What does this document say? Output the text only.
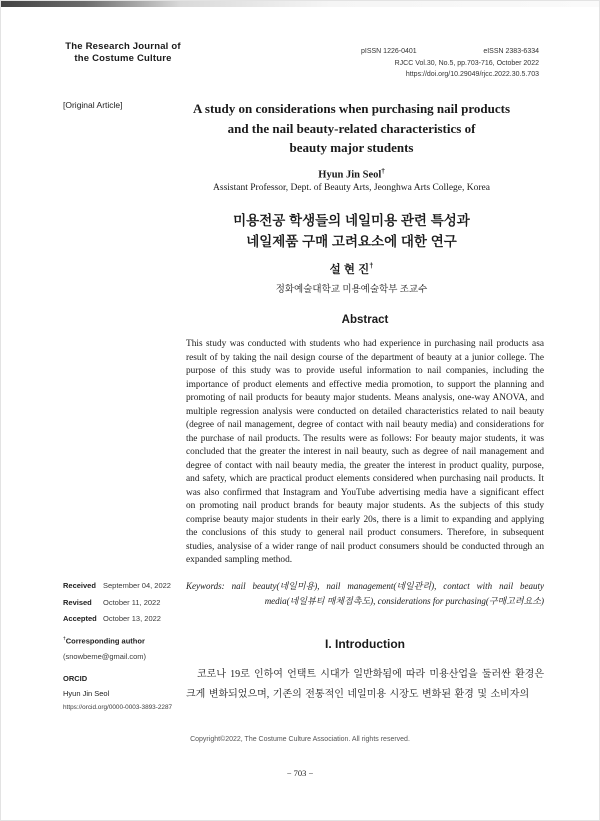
The Research Journal of
the Costume Culture
pISSN 1226-0401	eISSN 2383-6334
RJCC Vol.30, No.5, pp.703-716, October 2022
https://doi.org/10.29049/rjcc.2022.30.5.703
[Original Article]	A study on considerations when purchasing nail products
and the nail beauty-related characteristics of
beauty major students
Hyun Jin Seol†
Assistant Professor, Dept. of Beauty Arts, Jeonghwa Arts College, Korea
미용전공 학생들의 네일미용 관련 특성과
네일제품 구매 고려요소에 대한 연구
설 현 진†
정화예술대학교 미용예술학부 조교수
Abstract
This study was conducted with students who had experience in purchasing nail products asa result of by taking the nail design course of the department of beauty at a junior college. The purpose of this study was to provide useful information to nail companies, including the importance of product elements and effective media promotion, to support the planning and promoting of nail products for beauty major students. Means analysis, one-way ANOVA, and multiple regression analysis were conducted on detailed characteristics related to nail beauty (degree of nail management, degree of contact with nail beauty media) and considerations for the purchase of nail products. The results were as follows: For beauty major students, it was concluded that the greater the interest in nail beauty, such as degree of nail management and degree of contact with nail beauty media, the greater the interest in product quality, purpose, and safety, which are practical product elements considered when purchasing nail products. It was also confirmed that Instagram and YouTube advertising media have a significant effect on promoting nail product brands for beauty major students. As the subjects of this study comprise beauty major students in their early 20s, there is a limit to expanding and applying the conclusions of this study to general nail product consumers. Therefore, in subsequent studies, analysise of a wider range of nail product consumers should be conducted through an expanded sampling method.
Keywords: nail beauty(네일미용), nail management(네일관리), contact with nail beauty
media(네일뷰티 매체접촉도), considerations for purchasing(구매고려요소)
I. Introduction
코로나 19로 인하여 언택트 시대가 일반화됨에 따라 미용산업을 둘러싼 환경은 크게 변화되었으며, 기존의 전통적인 네일미용 시장도 변화된 환경 및 소비자의
Received September 04, 2022
Revised	October 11, 2022
Accepted October 13, 2022
†Corresponding author
(snowbeme@gmail.com)
ORCID
Hyun Jin Seol
https://orcid.org/0000-0003-3893-2287
Copyright©2022, The Costume Culture Association. All rights reserved.
− 703 −
